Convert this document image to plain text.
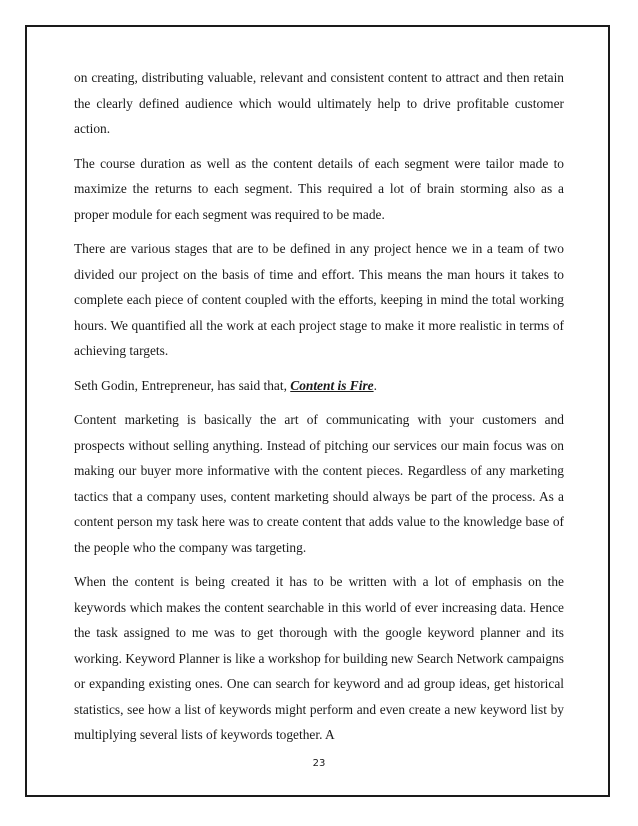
on creating, distributing valuable, relevant and consistent content to attract and then retain the clearly defined audience which would ultimately help to drive profitable customer action.

The course duration as well as the content details of each segment were tailor made to maximize the returns to each segment. This required a lot of brain storming also as a proper module for each segment was required to be made.

There are various stages that are to be defined in any project hence we in a team of two divided our project on the basis of time and effort. This means the man hours it takes to complete each piece of content coupled with the efforts, keeping in mind the total working hours. We quantified all the work at each project stage to make it more realistic in terms of achieving targets.

Seth Godin, Entrepreneur, has said that, Content is Fire.

Content marketing is basically the art of communicating with your customers and prospects without selling anything. Instead of pitching our services our main focus was on making our buyer more informative with the content pieces. Regardless of any marketing tactics that a company uses, content marketing should always be part of the process. As a content person my task here was to create content that adds value to the knowledge base of the people who the company was targeting.

When the content is being created it has to be written with a lot of emphasis on the keywords which makes the content searchable in this world of ever increasing data. Hence the task assigned to me was to get thorough with the google keyword planner and its working. Keyword Planner is like a workshop for building new Search Network campaigns or expanding existing ones. One can search for keyword and ad group ideas, get historical statistics, see how a list of keywords might perform and even create a new keyword list by multiplying several lists of keywords together. A

23
